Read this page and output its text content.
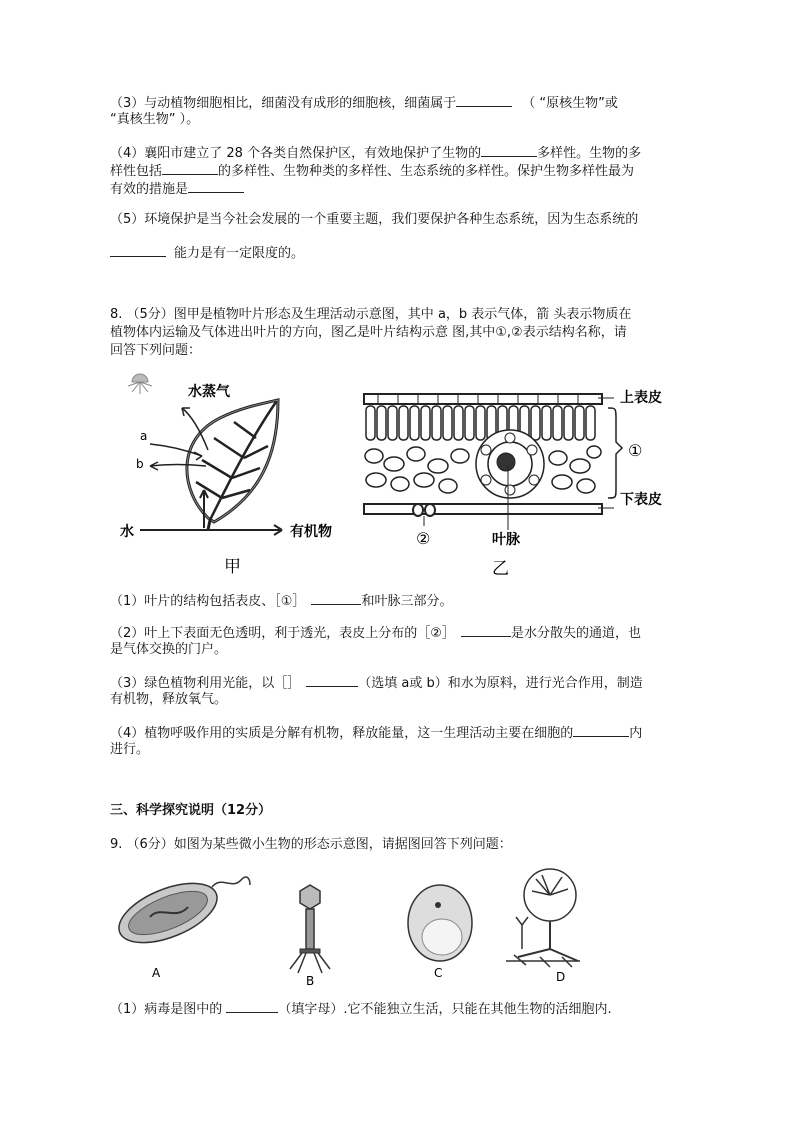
（3）与动植物细胞相比，细菌没有成形的细胞核，细菌属于	（ “原核生物”或
“真核生物” ）。
（4）襄阳市建立了 28 个各类自然保护区，有效地保护了生物的	多样性。生物的多
样性包括	的多样性、生物种类的多样性、生态系统的多样性。保护生物多样性最为
有效的措施是
（5）环境保护是当今社会发展的一个重要主题，我们要保护各种生态系统，因为生态系统的
能力是有一定限度的。
8. （5分）图甲是植物叶片形态及生理活动示意图，其中 a，b 表示气体，箭 头表示物质在
植物体内运输及气体进出叶片的方向，图乙是叶片结构示意 图,其中①,②表示结构名称，请
回答下列问题：
水蒸气
a
b
水	有机物
甲
上表皮
①
下表皮
②	叶脉
乙
（1）叶片的结构包括表皮、［①］	和叶脉三部分。
（2）叶上下表面无色透明，利于透光，表皮上分布的［②］	是水分散失的通道，也
是气体交换的门户。
（3）绿色植物利用光能，以［］	（选填 a或 b）和水为原料，进行光合作用，制造
有机物，释放氧气。
（4）植物呼吸作用的实质是分解有机物，释放能量，这一生理活动主要在细胞的	内
进行。
三、科学探究说明（12分）
9. （6分）如图为某些微小生物的形态示意图，请据图回答下列问题：
A
B
C	D
（1）病毒是图中的	（填字母）.它不能独立生活，只能在其他生物的活细胞内.
